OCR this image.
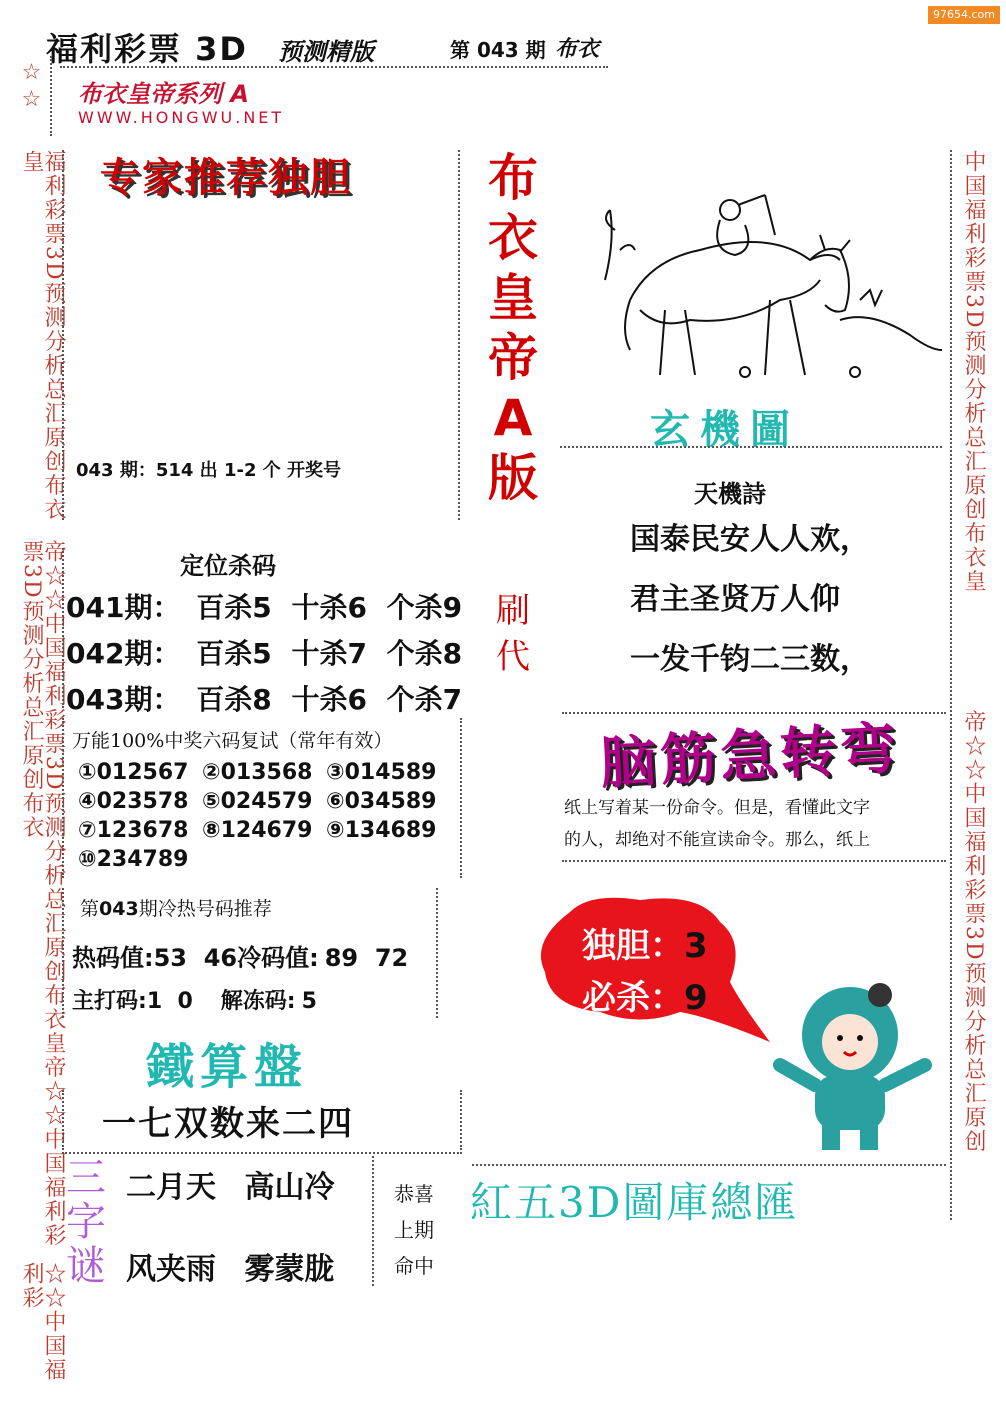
97654.com
福利彩票 3D 预测精版	第 043 期 布衣
☆☆
福利彩票3D预测分析总汇原创布衣皇
帝☆☆中国福利彩票3D预测分析总汇原创布衣皇帝☆☆中国福利彩票3D预测分析总汇原创布衣
☆☆中国福利彩
中国福利彩票3D预测分析总汇原创布衣皇
帝☆☆中国福利彩票3D预测分析总汇原创
布衣皇帝系列 A
WWW.HONGWU.NET
专家推荐独胆
043 期：514 出 1-2 个 开奖号
布
衣
皇
帝
A
版
刷
代
玄機圖
天機詩
国泰民安人人欢，
君主圣贤万人仰
一发千钧二三数，
定位杀码
041期： 百杀5 十杀6 个杀9
042期： 百杀5 十杀7 个杀8
043期： 百杀8 十杀6 个杀7
万能100%中奖六码复试（常年有效）
①012567 ②013568 ③014589
④023578 ⑤024579 ⑥034589
⑦123678 ⑧124679 ⑨134689
⑩234789
脑筋急转弯
纸上写着某一份命令。但是，看懂此文字
的人，却绝对不能宣读命令。那么，纸上
独胆：3
必杀：9
第043期冷热号码推荐
热码值:53  46冷码值: 89  72
主打码:1  0 解冻码: 5
鐵算盤
一七双数来二四
三
字
谜
二月天 高山冷
风夹雨 雾蒙胧
恭喜
上期
命中
紅五3D圖庫總匯
